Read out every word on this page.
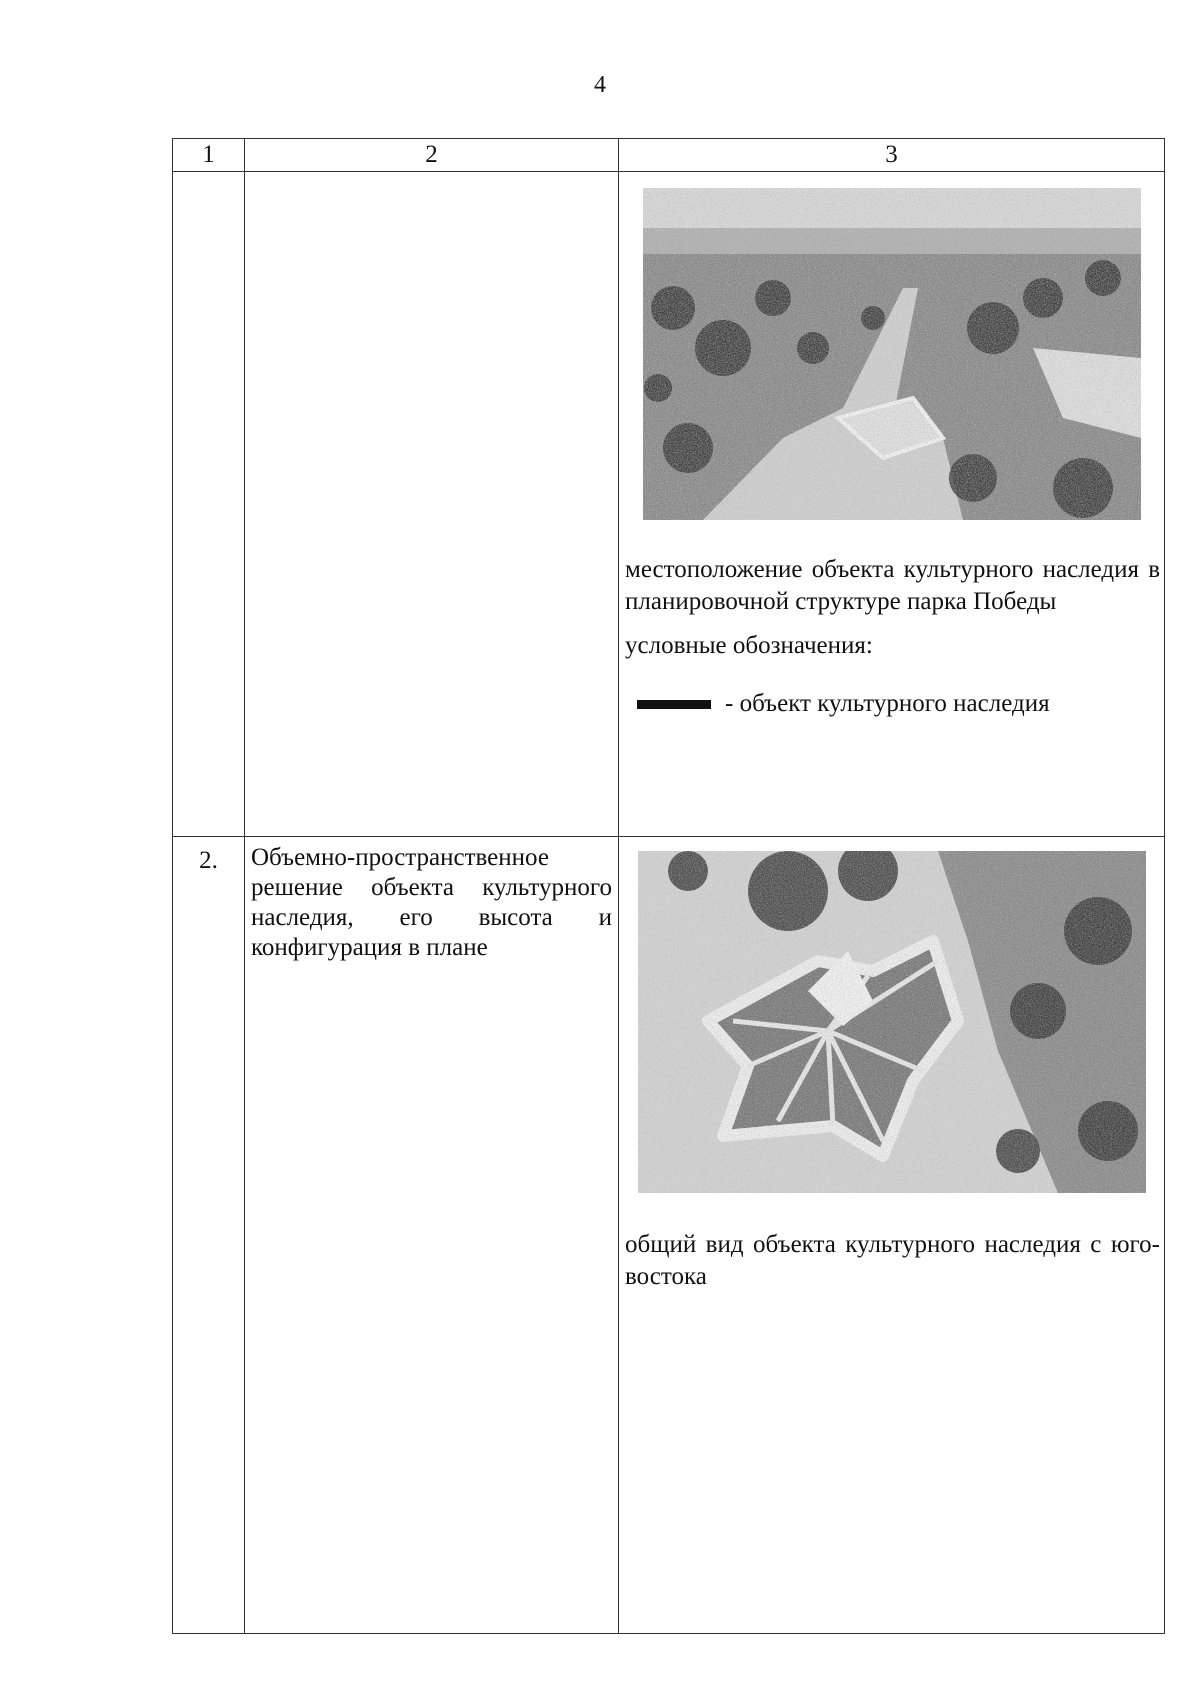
4
1	2	3

		местоположение объекта культурного наследия в планировочной структуре парка Победы

условные обозначения:

- объект культурного наследия

2.	Объемно-пространственное решение объекта культурного наследия, его высота и конфигурация в плане	общий вид объекта культурного наследия с юго-востока
